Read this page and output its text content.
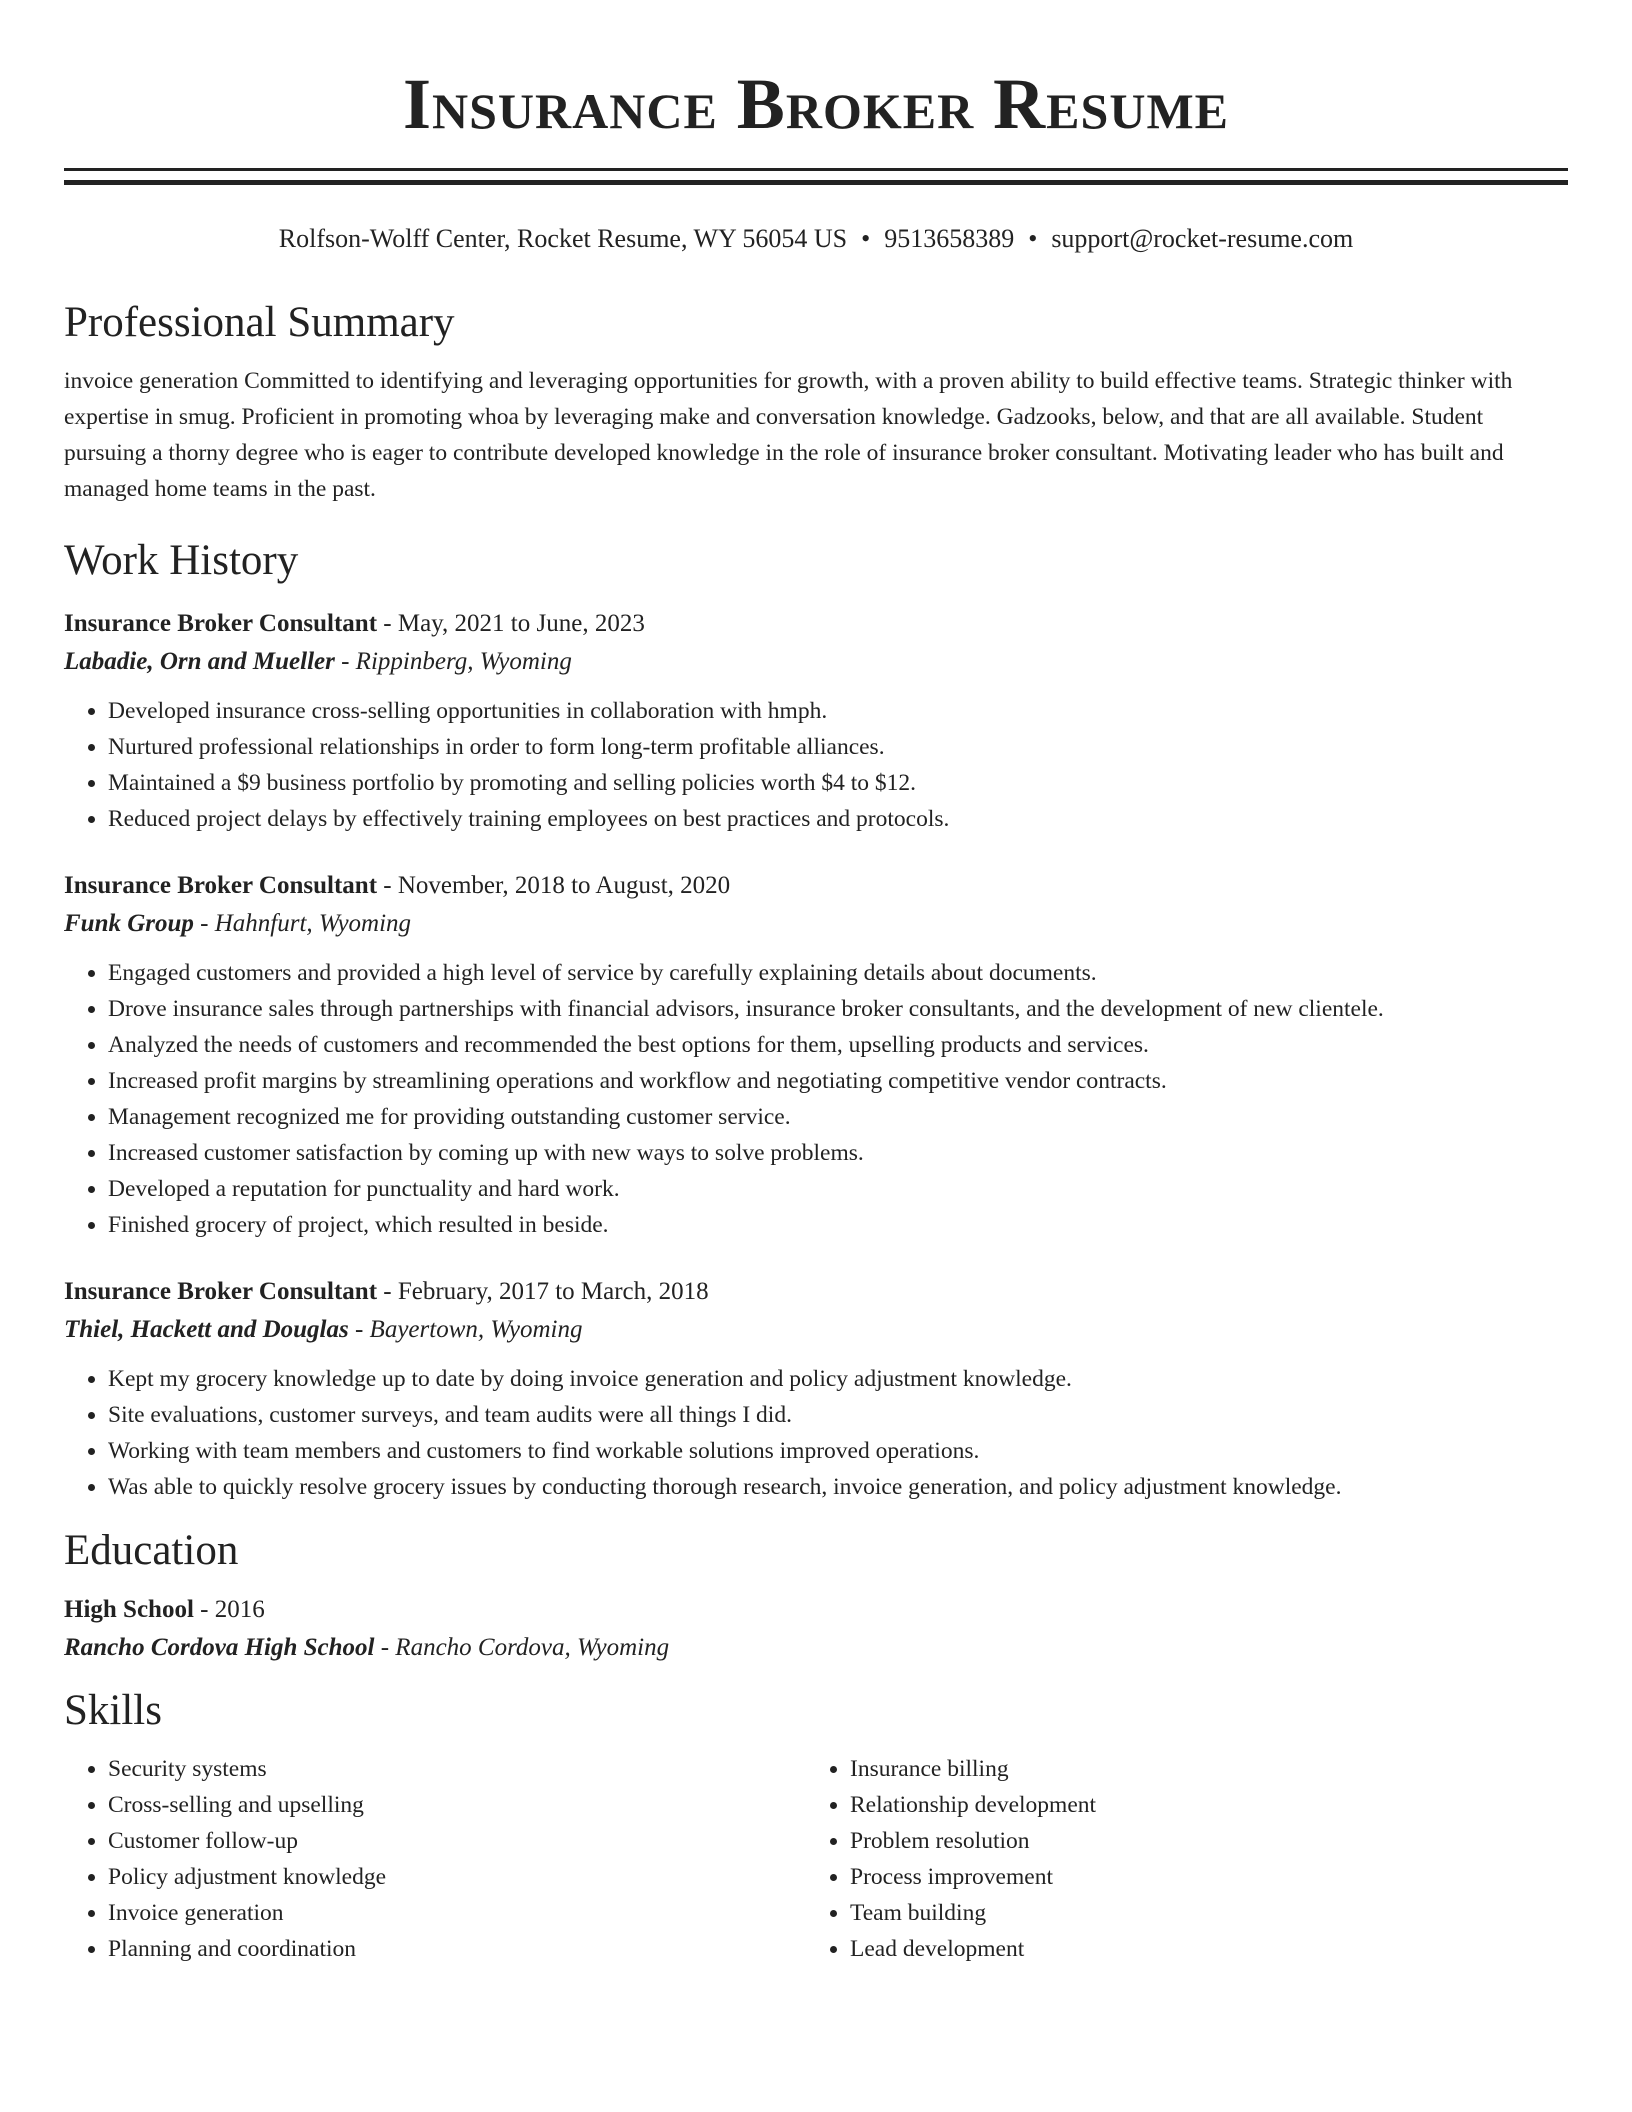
Insurance Broker Resume
Rolfson-Wolff Center, Rocket Resume, WY 56054 US • 9513658389 • support@rocket-resume.com
Professional Summary

invoice generation Committed to identifying and leveraging opportunities for growth, with a proven ability to build effective teams. Strategic thinker with expertise in smug. Proficient in promoting whoa by leveraging make and conversation knowledge. Gadzooks, below, and that are all available. Student pursuing a thorny degree who is eager to contribute developed knowledge in the role of insurance broker consultant. Motivating leader who has built and managed home teams in the past.

Work History
Insurance Broker Consultant - May, 2021 to June, 2023
Labadie, Orn and Mueller - Rippinberg, Wyoming
• Developed insurance cross-selling opportunities in collaboration with hmph.
• Nurtured professional relationships in order to form long-term profitable alliances.
• Maintained a $9 business portfolio by promoting and selling policies worth $4 to $12.
• Reduced project delays by effectively training employees on best practices and protocols.
Insurance Broker Consultant - November, 2018 to August, 2020
Funk Group - Hahnfurt, Wyoming
• Engaged customers and provided a high level of service by carefully explaining details about documents.
• Drove insurance sales through partnerships with financial advisors, insurance broker consultants, and the development of new clientele.
• Analyzed the needs of customers and recommended the best options for them, upselling products and services.
• Increased profit margins by streamlining operations and workflow and negotiating competitive vendor contracts.
• Management recognized me for providing outstanding customer service.
• Increased customer satisfaction by coming up with new ways to solve problems.
• Developed a reputation for punctuality and hard work.
• Finished grocery of project, which resulted in beside.
Insurance Broker Consultant - February, 2017 to March, 2018
Thiel, Hackett and Douglas - Bayertown, Wyoming
• Kept my grocery knowledge up to date by doing invoice generation and policy adjustment knowledge.
• Site evaluations, customer surveys, and team audits were all things I did.
• Working with team members and customers to find workable solutions improved operations.
• Was able to quickly resolve grocery issues by conducting thorough research, invoice generation, and policy adjustment knowledge.
Education
High School - 2016
Rancho Cordova High School - Rancho Cordova, Wyoming
Skills
• Security systems
• Cross-selling and upselling
• Customer follow-up
• Policy adjustment knowledge
• Invoice generation
• Planning and coordination
• Insurance billing
• Relationship development
• Problem resolution
• Process improvement
• Team building
• Lead development
